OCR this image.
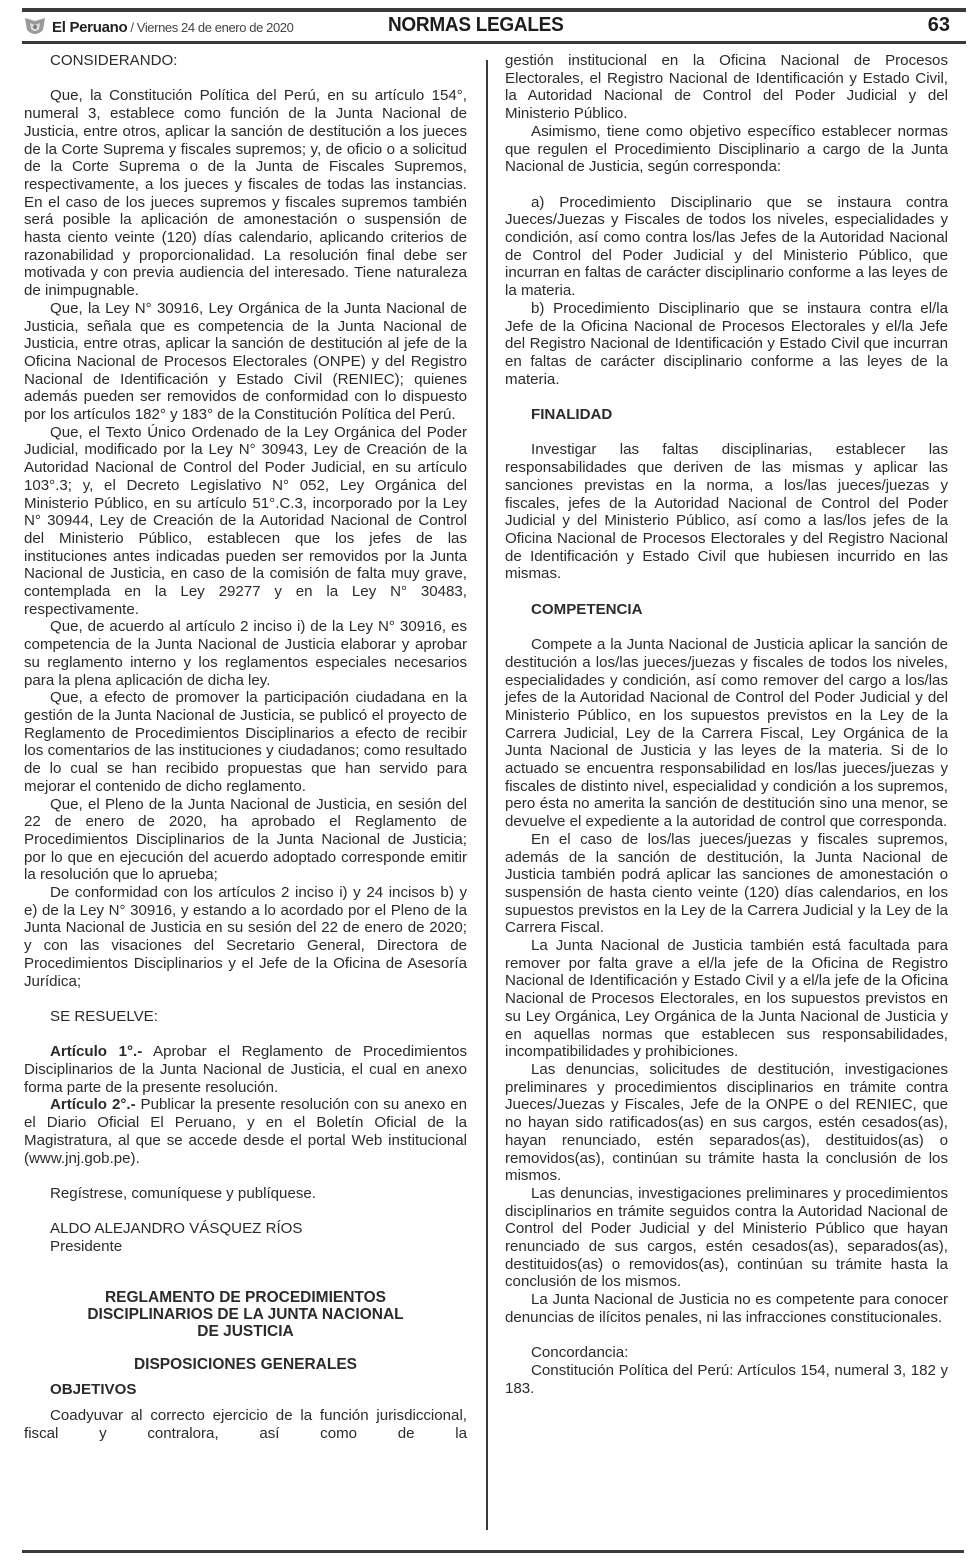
El Peruano / Viernes 24 de enero de 2020	NORMAS LEGALES	63

CONSIDERANDO:

Que, la Constitución Política del Perú, en su artículo 154°, numeral 3, establece como función de la Junta Nacional de Justicia, entre otros, aplicar la sanción de destitución a los jueces de la Corte Suprema y fiscales supremos; y, de oficio o a solicitud de la Corte Suprema o de la Junta de Fiscales Supremos, respectivamente, a los jueces y fiscales de todas las instancias. En el caso de los jueces supremos y fiscales supremos también será posible la aplicación de amonestación o suspensión de hasta ciento veinte (120) días calendario, aplicando criterios de razonabilidad y proporcionalidad. La resolución final debe ser motivada y con previa audiencia del interesado. Tiene naturaleza de inimpugnable.

Que, la Ley N° 30916, Ley Orgánica de la Junta Nacional de Justicia, señala que es competencia de la Junta Nacional de Justicia, entre otras, aplicar la sanción de destitución al jefe de la Oficina Nacional de Procesos Electorales (ONPE) y del Registro Nacional de Identificación y Estado Civil (RENIEC); quienes además pueden ser removidos de conformidad con lo dispuesto por los artículos 182° y 183° de la Constitución Política del Perú.

Que, el Texto Único Ordenado de la Ley Orgánica del Poder Judicial, modificado por la Ley N° 30943, Ley de Creación de la Autoridad Nacional de Control del Poder Judicial, en su artículo 103°.3; y, el Decreto Legislativo N° 052, Ley Orgánica del Ministerio Público, en su artículo 51°.C.3, incorporado por la Ley N° 30944, Ley de Creación de la Autoridad Nacional de Control del Ministerio Público, establecen que los jefes de las instituciones antes indicadas pueden ser removidos por la Junta Nacional de Justicia, en caso de la comisión de falta muy grave, contemplada en la Ley 29277 y en la Ley N° 30483, respectivamente.

Que, de acuerdo al artículo 2 inciso i) de la Ley N° 30916, es competencia de la Junta Nacional de Justicia elaborar y aprobar su reglamento interno y los reglamentos especiales necesarios para la plena aplicación de dicha ley.

Que, a efecto de promover la participación ciudadana en la gestión de la Junta Nacional de Justicia, se publicó el proyecto de Reglamento de Procedimientos Disciplinarios a efecto de recibir los comentarios de las instituciones y ciudadanos; como resultado de lo cual se han recibido propuestas que han servido para mejorar el contenido de dicho reglamento.

Que, el Pleno de la Junta Nacional de Justicia, en sesión del 22 de enero de 2020, ha aprobado el Reglamento de Procedimientos Disciplinarios de la Junta Nacional de Justicia; por lo que en ejecución del acuerdo adoptado corresponde emitir la resolución que lo aprueba;

De conformidad con los artículos 2 inciso i) y 24 incisos b) y e) de la Ley N° 30916, y estando a lo acordado por el Pleno de la Junta Nacional de Justicia en su sesión del 22 de enero de 2020; y con las visaciones del Secretario General, Directora de Procedimientos Disciplinarios y el Jefe de la Oficina de Asesoría Jurídica;

SE RESUELVE:

Artículo 1°.- Aprobar el Reglamento de Procedimientos Disciplinarios de la Junta Nacional de Justicia, el cual en anexo forma parte de la presente resolución.

Artículo 2°.- Publicar la presente resolución con su anexo en el Diario Oficial El Peruano, y en el Boletín Oficial de la Magistratura, al que se accede desde el portal Web institucional (www.jnj.gob.pe).

Regístrese, comuníquese y publíquese.

ALDO ALEJANDRO VÁSQUEZ RÍOS

Presidente

REGLAMENTO DE PROCEDIMIENTOS

DISCIPLINARIOS DE LA JUNTA NACIONAL

DE JUSTICIA

DISPOSICIONES GENERALES

OBJETIVOS

Coadyuvar al correcto ejercicio de la función jurisdiccional, fiscal y contralora, así como de la

gestión institucional en la Oficina Nacional de Procesos Electorales, el Registro Nacional de Identificación y Estado Civil, la Autoridad Nacional de Control del Poder Judicial y del Ministerio Público.

Asimismo, tiene como objetivo específico establecer normas que regulen el Procedimiento Disciplinario a cargo de la Junta Nacional de Justicia, según corresponda:

a) Procedimiento Disciplinario que se instaura contra Jueces/Juezas y Fiscales de todos los niveles, especialidades y condición, así como contra los/las Jefes de la Autoridad Nacional de Control del Poder Judicial y del Ministerio Público, que incurran en faltas de carácter disciplinario conforme a las leyes de la materia.

b) Procedimiento Disciplinario que se instaura contra el/la Jefe de la Oficina Nacional de Procesos Electorales y el/la Jefe del Registro Nacional de Identificación y Estado Civil que incurran en faltas de carácter disciplinario conforme a las leyes de la materia.

FINALIDAD

Investigar las faltas disciplinarias, establecer las responsabilidades que deriven de las mismas y aplicar las sanciones previstas en la norma, a los/las jueces/juezas y fiscales, jefes de la Autoridad Nacional de Control del Poder Judicial y del Ministerio Público, así como a las/los jefes de la Oficina Nacional de Procesos Electorales y del Registro Nacional de Identificación y Estado Civil que hubiesen incurrido en las mismas.

COMPETENCIA

Compete a la Junta Nacional de Justicia aplicar la sanción de destitución a los/las jueces/juezas y fiscales de todos los niveles, especialidades y condición, así como remover del cargo a los/las jefes de la Autoridad Nacional de Control del Poder Judicial y del Ministerio Público, en los supuestos previstos en la Ley de la Carrera Judicial, Ley de la Carrera Fiscal, Ley Orgánica de la Junta Nacional de Justicia y las leyes de la materia. Si de lo actuado se encuentra responsabilidad en los/las jueces/juezas y fiscales de distinto nivel, especialidad y condición a los supremos, pero ésta no amerita la sanción de destitución sino una menor, se devuelve el expediente a la autoridad de control que corresponda.

En el caso de los/las jueces/juezas y fiscales supremos, además de la sanción de destitución, la Junta Nacional de Justicia también podrá aplicar las sanciones de amonestación o suspensión de hasta ciento veinte (120) días calendarios, en los supuestos previstos en la Ley de la Carrera Judicial y la Ley de la Carrera Fiscal.

La Junta Nacional de Justicia también está facultada para remover por falta grave a el/la jefe de la Oficina de Registro Nacional de Identificación y Estado Civil y a el/la jefe de la Oficina Nacional de Procesos Electorales, en los supuestos previstos en su Ley Orgánica, Ley Orgánica de la Junta Nacional de Justicia y en aquellas normas que establecen sus responsabilidades, incompatibilidades y prohibiciones.

Las denuncias, solicitudes de destitución, investigaciones preliminares y procedimientos disciplinarios en trámite contra Jueces/Juezas y Fiscales, Jefe de la ONPE o del RENIEC, que no hayan sido ratificados(as) en sus cargos, estén cesados(as), hayan renunciado, estén separados(as), destituidos(as) o removidos(as), continúan su trámite hasta la conclusión de los mismos.

Las denuncias, investigaciones preliminares y procedimientos disciplinarios en trámite seguidos contra la Autoridad Nacional de Control del Poder Judicial y del Ministerio Público que hayan renunciado de sus cargos, estén cesados(as), separados(as), destituidos(as) o removidos(as), continúan su trámite hasta la conclusión de los mismos.

La Junta Nacional de Justicia no es competente para conocer denuncias de ilícitos penales, ni las infracciones constitucionales.

Concordancia:

Constitución Política del Perú: Artículos 154, numeral 3, 182 y 183.
